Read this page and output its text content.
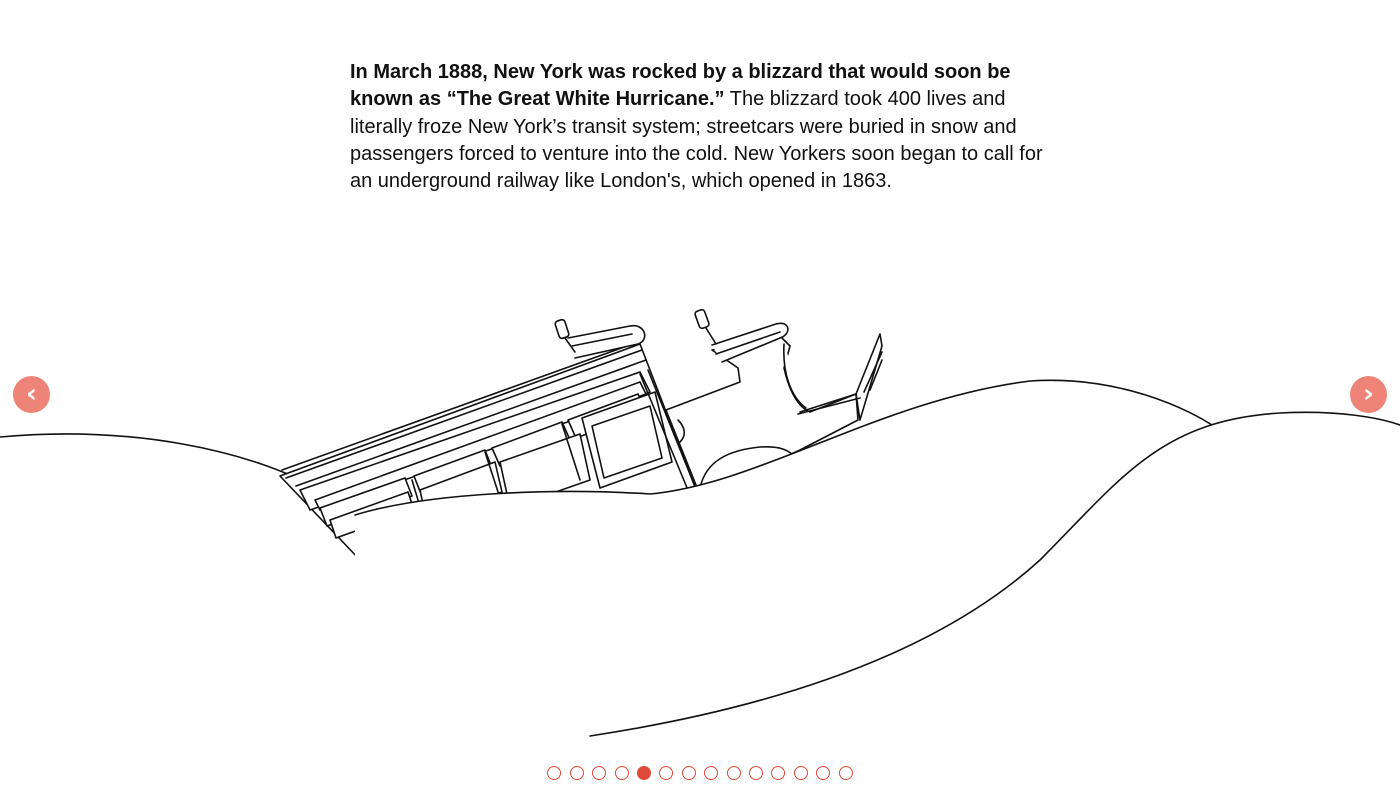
In March 1888, New York was rocked by a blizzard that would soon be known as “The Great White Hurricane.” The blizzard took 400 lives and literally froze New York’s transit system; streetcars were buried in snow and passengers forced to venture into the cold. New Yorkers soon began to call for an underground railway like London's, which opened in 1863.

‹	›
